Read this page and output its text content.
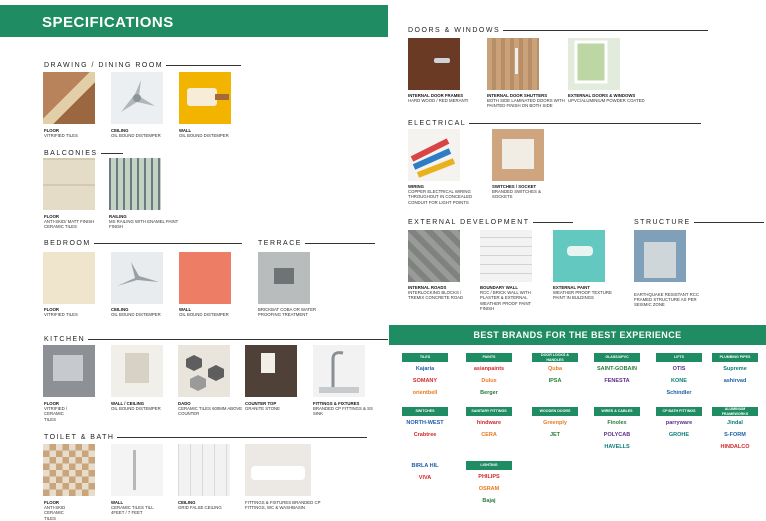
SPECIFICATIONS
DRAWING / DINING ROOM
BALCONIES
BEDROOM	TERRACE
KITCHEN
TOILET & BATH
DOORS & WINDOWS
ELECTRICAL
EXTERNAL DEVELOPMENT	STRUCTURE
FLOOR
VITRIFIED TILES
CEILING
OIL BOUND DISTEMPER
WALL
OIL BOUND DISTEMPER
FLOOR
ANTI-SKID/ MATT FINISH CERAMIC TILES
RAILING
MS RAILING WITH ENAMEL PAINT FINISH
FLOOR
VITRIFIED TILES
CEILING
OIL BOUND DISTEMPER
WALL
OIL BOUND DISTEMPER
BRICKBAT COBA OR WATER PROOFING TREATMENT
FLOOR
VITRIFIED / CERAMIC TILES
WALL / CEILING
OIL BOUND DISTEMPER
DADO
CERAMIC TILES 600MM ABOVE COUNTER
COUNTER TOP
GRANITE STONE
FITTINGS & FIXTURES
BRANDED CP FITTINGS & SS SINK
FLOOR
ANTI-SKID CERAMIC TILES
WALL
CERAMIC TILES TILL 4FEET / 7 FEET
CEILING
GRID FALSE CEILING
FITTINGS & FIXTURES BRANDED CP FITTINGS, WC & WASHBASIN
INTERNAL DOOR FRAMES
HARD WOOD / RED MERANTI
INTERNAL DOOR SHUTTERS
BOTH SIDE LAMINATED DOORS WITH PAINTED FINISH ON BOTH SIDE
EXTERNAL DOORS & WINDOWS
UPVC/ALUMINIUM POWDER COATED
WIRING
COPPER ELECTRICAL WIRING THROUGHOUT IN CONCEALED CONDUIT FOR LIGHT POINTS
SWITCHES / SOCKET
BRANDED SWITCHES & SOCKETS
INTERNAL ROADS
INTERLOCKING BLOCKS / TREMIX CONCRETE ROAD
BOUNDARY WALL
RCC / BRICK WALL WITH PLASTER & EXTERNAL WEATHER PROOF PAINT FINISH
EXTERNAL PAINT
WEATHER PROOF TEXTURE PAINT IN BULDINGS
EARTHQUAKE RESISTANT RCC FRAMED STRUCTURE AS PER SEISMIC ZONE
BEST BRANDS FOR THE BEST EXPERIENCE
TILES
Kajaria
SOMANY
orientbell
PAINTS
asianpaints
Dulux
Berger
DOOR LOCKS & HANDLES
Quba
IPSA
GLASS/UPVC
SAINT-GOBAIN
FENESTA
LIFTS
OTIS
KONE
Schindler
PLUMBING PIPES
Supreme
ashirvad
SWITCHES
NORTH-WEST
Crabtree
SANITARY FITTINGS
hindware
CERA
WOODEN DOORS
Greenply
JET
WIRES & CABLES
Finolex
POLYCAB
HAVELLS
CP BATH FITTINGS
parryware
GROHE
ALUMINIUM FRAMEWORKS
Jindal
S-FORM
HINDALCO
BIRLA HIL
VIVA
LIGHTING
PHILIPS
OSRAM
Bajaj
